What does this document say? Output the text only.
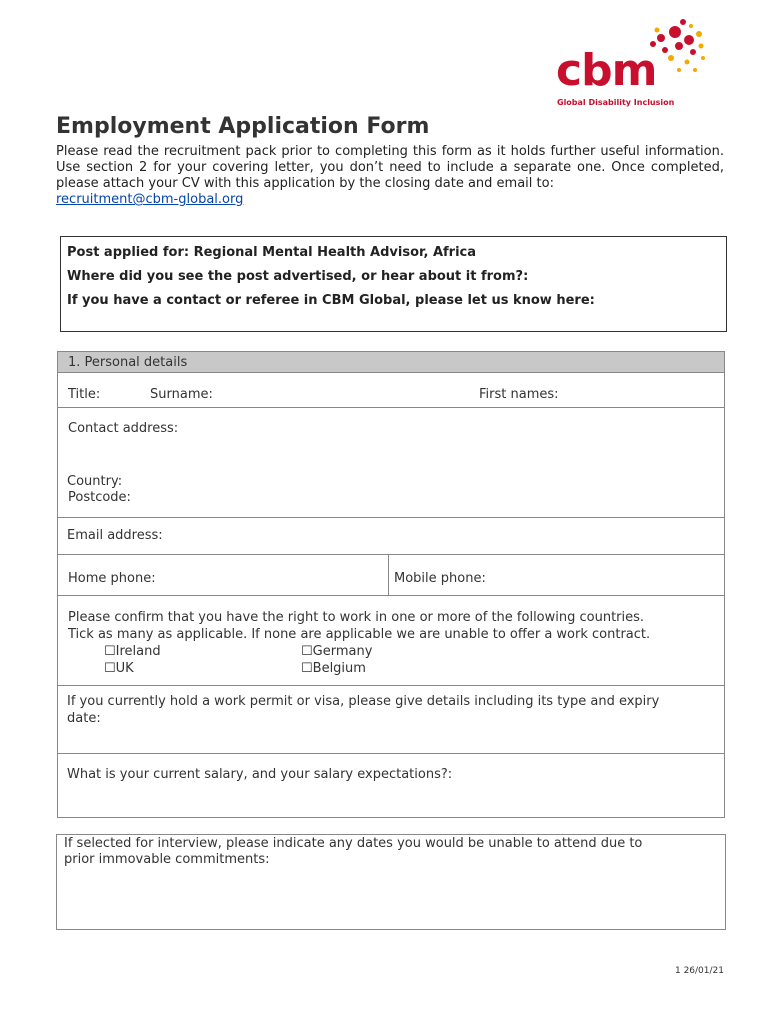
cbm
Global Disability Inclusion
Employment Application Form
Please read the recruitment pack prior to completing this form as it holds further useful information. Use section 2 for your covering letter, you don’t need to include a separate one. Once completed, please attach your CV with this application by the closing date and email to:
recruitment@cbm-global.org
Post applied for: Regional Mental Health Advisor, Africa
Where did you see the post advertised, or hear about it from?:
If you have a contact or referee in CBM Global, please let us know here:
1. Personal details
Title:	Surname:	First names:
Contact address:
Country:
Postcode:
Email address:
Home phone:	Mobile phone:
Please confirm that you have the right to work in one or more of the following countries.
Tick as many as applicable. If none are applicable we are unable to offer a work contract.
☐Ireland	☐Germany
☐UK	☐Belgium
If you currently hold a work permit or visa, please give details including its type and expiry
date:
What is your current salary, and your salary expectations?:
If selected for interview, please indicate any dates you would be unable to attend due to
prior immovable commitments:
1 26/01/21
